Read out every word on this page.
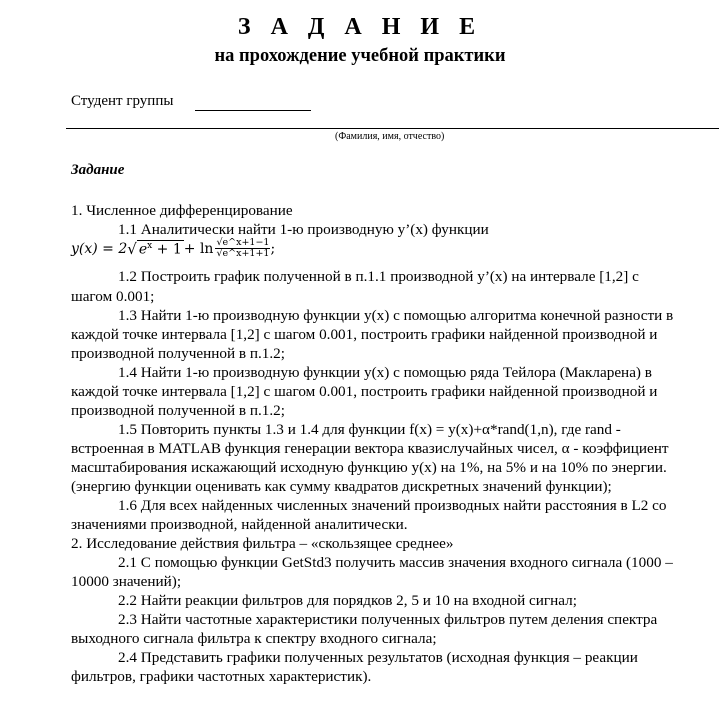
З А Д А Н И Е
на прохождение учебной практики
Студент группы
(Фамилия, имя, отчество)
Задание
1. Численное дифференцирование
1.1 Аналитически найти 1-ю производную y’(x) функции
1.2 Построить график полученной в п.1.1 производной y’(x) на интервале [1,2] с
шагом 0.001;
1.3 Найти 1-ю производную функции y(x) с помощью алгоритма конечной разности в
каждой точке интервала [1,2] с шагом 0.001, построить графики найденной производной и
производной полученной в п.1.2;
1.4 Найти 1-ю производную функции y(x) с помощью ряда Тейлора (Макларена) в
каждой точке интервала [1,2] с шагом 0.001, построить графики найденной производной и
производной полученной в п.1.2;
1.5 Повторить пункты 1.3 и 1.4 для функции f(x) = y(x)+α*rand(1,n), где rand -
встроенная в MATLAB функция генерации вектора квазислучайных чисел, α - коэффициент
масштабирования искажающий исходную функцию y(x) на 1%, на 5% и на 10% по энергии.
(энергию функции оценивать как сумму квадратов дискретных значений функции);
1.6 Для всех найденных численных значений производных найти расстояния в L2 со
значениями производной, найденной аналитически.
2. Исследование действия фильтра – «скользящее среднее»
2.1 С помощью функции GetStd3 получить массив значения входного сигнала (1000 –
10000 значений);
2.2 Найти реакции фильтров для порядков 2, 5 и 10 на входной сигнал;
2.3 Найти частотные характеристики полученных фильтров путем деления спектра
выходного сигнала фильтра к спектру входного сигнала;
2.4 Представить графики полученных результатов (исходная функция – реакции
фильтров, графики частотных характеристик).
y(x) = 2 √ $e^x + 1 + \ln \frac{√e\^{}x+1-1}{√e\^{}x+1+1}$ ;
